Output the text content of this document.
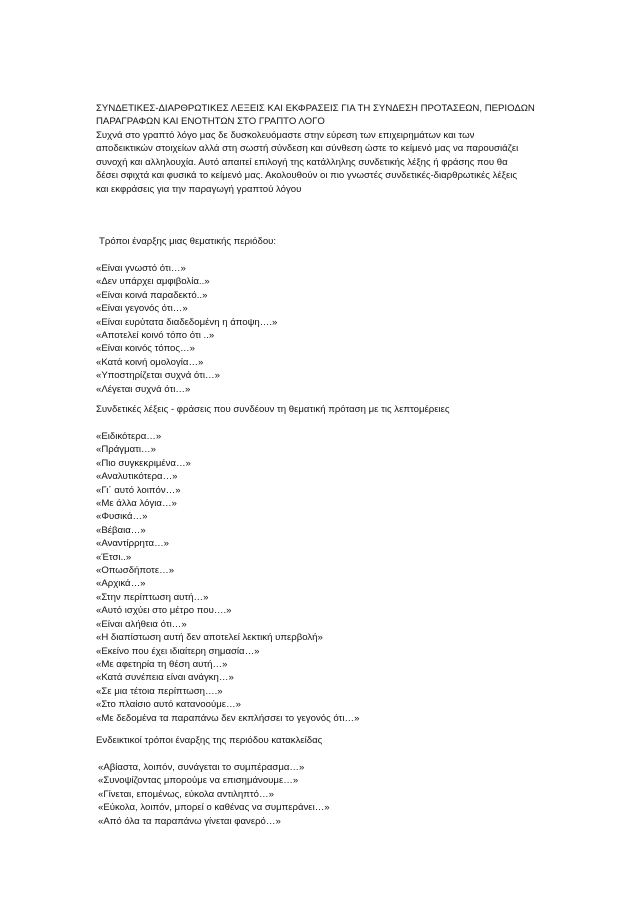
ΣΥΝΔΕΤΙΚΕΣ-ΔΙΑΡΘΡΩΤΙΚΕΣ ΛΕΞΕΙΣ ΚΑΙ ΕΚΦΡΑΣΕΙΣ ΓΙΑ ΤΗ ΣΥΝΔΕΣΗ ΠΡΟΤΑΣΕΩΝ, ΠΕΡΙΟΔΩΝ

ΠΑΡΑΓΡΑΦΩΝ ΚΑΙ ΕΝΟΤΗΤΩΝ ΣΤΟ ΓΡΑΠΤΟ ΛΟΓΟ

Συχνά στο γραπτό λόγο μας δε δυσκολευόμαστε στην εύρεση των επιχειρημάτων και των

αποδεικτικών στοιχείων αλλά στη σωστή σύνδεση και σύνθεση ώστε το κείμενό μας να παρουσιάζει

συνοχή και αλληλουχία. Αυτό απαιτεί επιλογή της κατάλληλης συνδετικής λέξης ή φράσης που θα

δέσει σφιχτά και φυσικά το κείμενό μας. Ακολουθούν οι πιο γνωστές συνδετικές-διαρθρωτικές λέξεις

και εκφράσεις για την παραγωγή γραπτού λόγου

Τρόποι έναρξης μιας θεματικής περιόδου:

«Είναι γνωστό ότι…»

«Δεν υπάρχει αμφιβολία..»

«Είναι κοινά παραδεκτό..»

«Είναι γεγονός ότι…»

«Είναι ευρύτατα διαδεδομένη η άποψη….»

«Αποτελεί κοινό τόπο ότι ..»

«Είναι κοινός τόπος…»

«Κατά κοινή ομολογία…»

«Υποστηρίζεται συχνά ότι…»

«Λέγεται συχνά ότι…»

Συνδετικές λέξεις - φράσεις που συνδέουν τη θεματική πρόταση με τις λεπτομέρειες

«Ειδικότερα…»

«Πράγματι…»

«Πιο συγκεκριμένα…»

«Αναλυτικότερα…»

«Γι΄ αυτό λοιπόν…»

«Με άλλα λόγια…»

«Φυσικά…»

«Βέβαια…»

«Αναντίρρητα…»

«Έτσι..»

«Οπωσδήποτε…»

«Αρχικά…»

«Στην περίπτωση αυτή…»

«Αυτό ισχύει στο μέτρο που….»

«Είναι αλήθεια ότι…»

«Η διαπίστωση αυτή δεν αποτελεί λεκτική υπερβολή»

«Εκείνο που έχει ιδιαίτερη σημασία…»

«Με αφετηρία τη θέση αυτή…»

«Κατά συνέπεια είναι ανάγκη…»

«Σε μια τέτοια περίπτωση….»

«Στο πλαίσιο αυτό κατανοούμε…»

«Με δεδομένα τα παραπάνω δεν εκπλήσσει το γεγονός ότι…»

Ενδεικτικοί τρόποι έναρξης της περιόδου κατακλείδας

«Αβίαστα, λοιπόν, συνάγεται το συμπέρασμα…»

«Συνοψίζοντας μπορούμε να επισημάνουμε…»

«Γίνεται, επομένως, εύκολα αντιληπτό…»

«Εύκολα, λοιπόν, μπορεί ο καθένας να συμπεράνει…»

«Από όλα τα παραπάνω γίνεται φανερό…»
